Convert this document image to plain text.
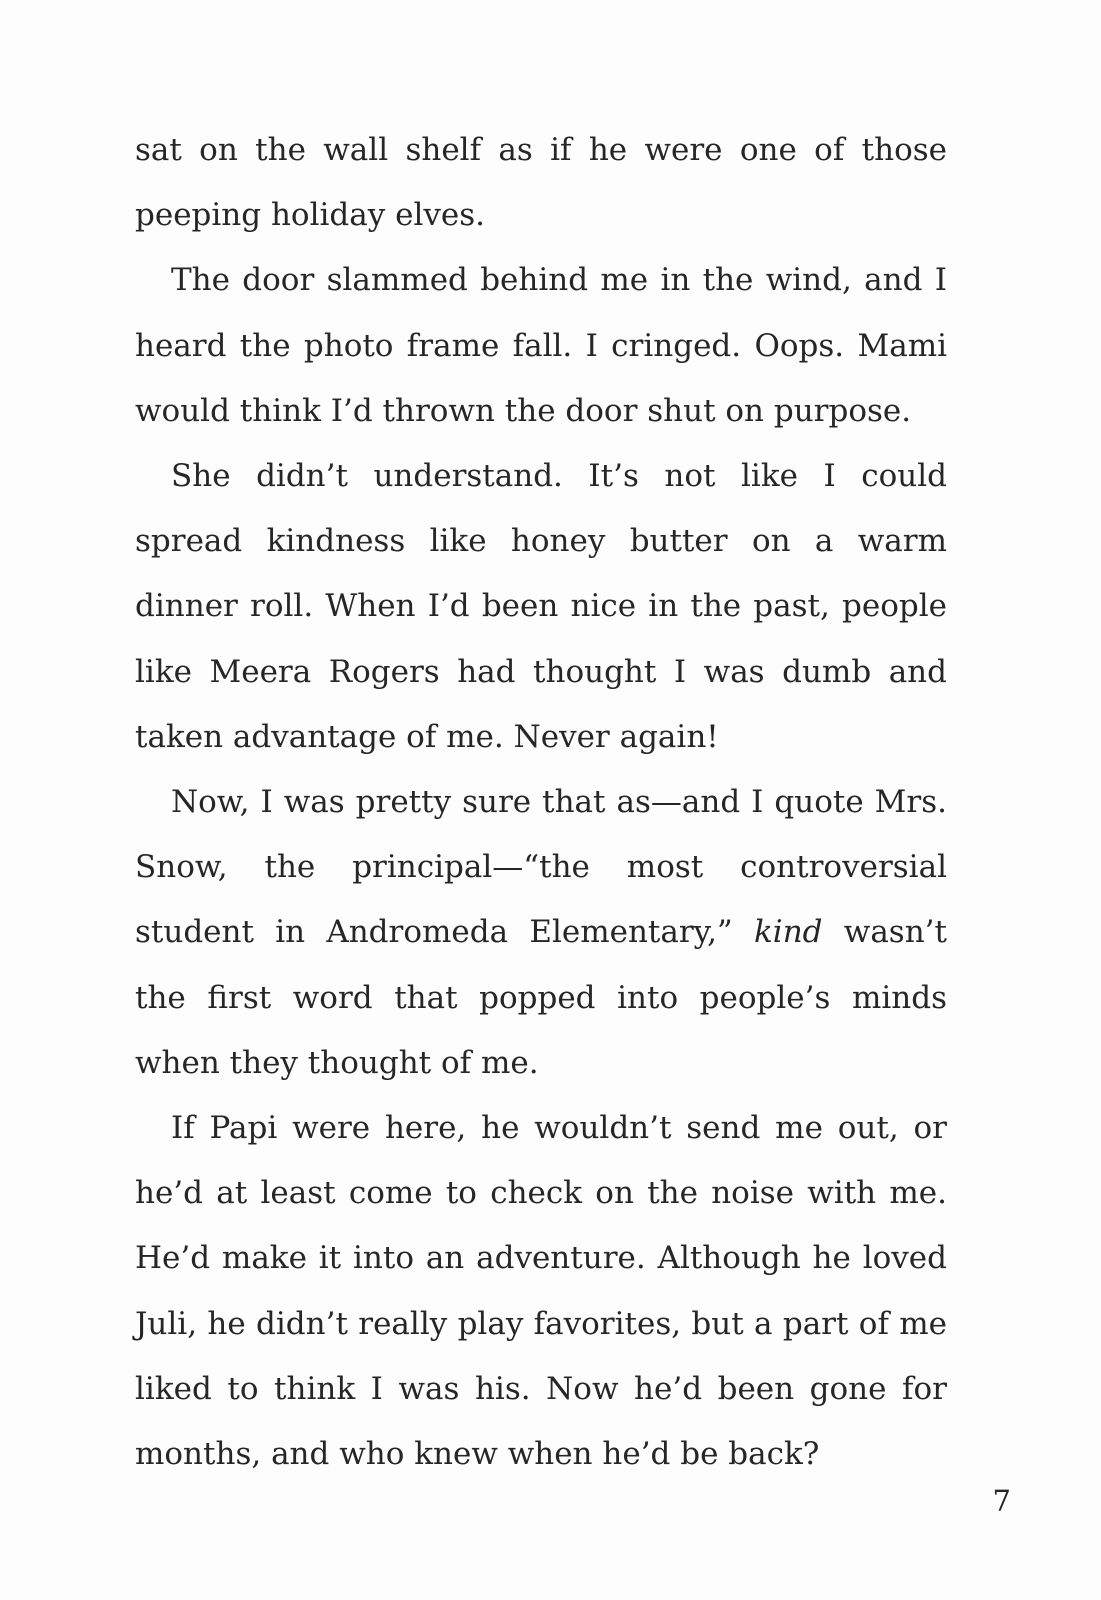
sat on the wall shelf as if he were one of those peeping holiday elves.

The door slammed behind me in the wind, and I heard the photo frame fall. I cringed. Oops. Mami would think I’d thrown the door shut on purpose.

She didn’t understand. It’s not like I could spread kindness like honey butter on a warm dinner roll. When I’d been nice in the past, people like Meera Rogers had thought I was dumb and taken advantage of me. Never again!

Now, I was pretty sure that as—and I quote Mrs. Snow, the principal—“the most controversial student in Andromeda Elementary,” kind wasn’t the first word that popped into people’s minds when they thought of me.

If Papi were here, he wouldn’t send me out, or he’d at least come to check on the noise with me. He’d make it into an adventure. Although he loved Juli, he didn’t really play favorites, but a part of me liked to think I was his. Now he’d been gone for months, and who knew when he’d be back?

7
